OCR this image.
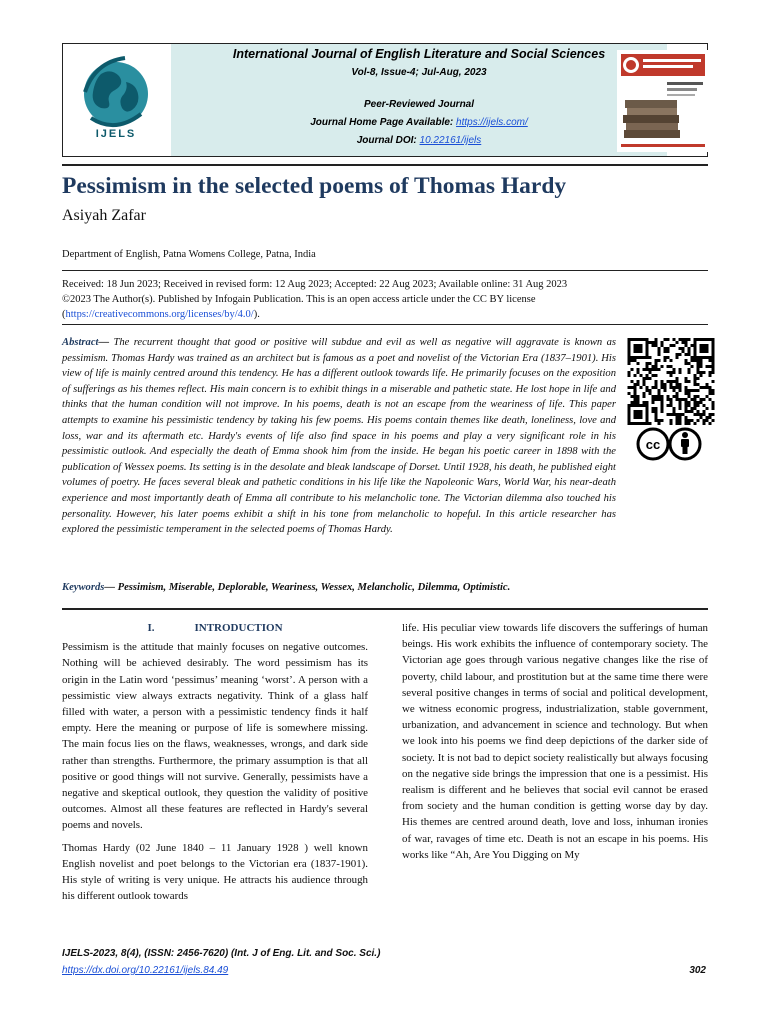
IJELS
International Journal of English Literature and Social Sciences
Vol-8, Issue-4; Jul-Aug, 2023
Peer-Reviewed Journal
Journal Home Page Available: https://ijels.com/
Journal DOI: 10.22161/ijels
Pessimism in the selected poems of Thomas Hardy
Asiyah Zafar
Department of English, Patna Womens College, Patna, India
Received: 18 Jun 2023; Received in revised form: 12 Aug 2023; Accepted: 22 Aug 2023; Available online: 31 Aug 2023
©2023 The Author(s). Published by Infogain Publication. This is an open access article under the CC BY license
(https://creativecommons.org/licenses/by/4.0/).
Abstract— The recurrent thought that good or positive will subdue and evil as well as negative will aggravate is known as pessimism. Thomas Hardy was trained as an architect but is famous as a poet and novelist of the Victorian Era (1837–1901). His view of life is mainly centred around this tendency. He has a different outlook towards life. He primarily focuses on the exposition of sufferings as his themes reflect. His main concern is to exhibit things in a miserable and pathetic state. He lost hope in life and thinks that the human condition will not improve. In his poems, death is not an escape from the weariness of life. This paper attempts to examine his pessimistic tendency by taking his few poems. His poems contain themes like death, loneliness, love and loss, war and its aftermath etc. Hardy's events of life also find space in his poems and play a very significant role in his pessimistic outlook. And especially the death of Emma shook him from the inside. He began his poetic career in 1898 with the publication of Wessex poems. Its setting is in the desolate and bleak landscape of Dorset. Until 1928, his death, he published eight volumes of poetry. He faces several bleak and pathetic conditions in his life like the Napoleonic Wars, World War, his near-death experience and most importantly death of Emma all contribute to his melancholic tone. The Victorian dilemma also touched his personality. However, his later poems exhibit a shift in his tone from melancholic to hopeful. In this article researcher has explored the pessimistic temperament in the selected poems of Thomas Hardy.
cc
Keywords— Pessimism, Miserable, Deplorable, Weariness, Wessex, Melancholic, Dilemma, Optimistic.
I.	INTRODUCTION

Pessimism is the attitude that mainly focuses on negative outcomes. Nothing will be achieved desirably. The word pessimism has its origin in the Latin word ‘pessimus’ meaning ‘worst’. A person with a pessimistic view always extracts negativity. Think of a glass half filled with water, a person with a pessimistic tendency finds it half empty. Here the meaning or purpose of life is somewhere missing. The main focus lies on the flaws, weaknesses, wrongs, and dark side rather than strengths. Furthermore, the primary assumption is that all positive or good things will not survive. Generally, pessimists have a negative and skeptical outlook, they question the validity of positive outcomes. Almost all these features are reflected in Hardy's several poems and novels.

Thomas Hardy (02 June 1840 – 11 January 1928 ) well known English novelist and poet belongs to the Victorian era (1837-1901). His style of writing is very unique. He attracts his audience through his different outlook towards

life. His peculiar view towards life discovers the sufferings of human beings. His work exhibits the influence of contemporary society. The Victorian age goes through various negative changes like the rise of poverty, child labour, and prostitution but at the same time there were several positive changes in terms of social and political development, we witness economic progress, industrialization, stable government, urbanization, and advancement in science and technology. But when we look into his poems we find deep depictions of the darker side of society. It is not bad to depict society realistically but always focusing on the negative side brings the impression that one is a pessimist. His realism is different and he believes that social evil cannot be erased from society and the human condition is getting worse day by day. His themes are centred around death, love and loss, inhuman ironies of war, ravages of time etc. Death is not an escape in his poems. His works like “Ah, Are You Digging on My

IJELS-2023, 8(4), (ISSN: 2456-7620) (Int. J of Eng. Lit. and Soc. Sci.)
https://dx.doi.org/10.22161/ijels.84.49	302
